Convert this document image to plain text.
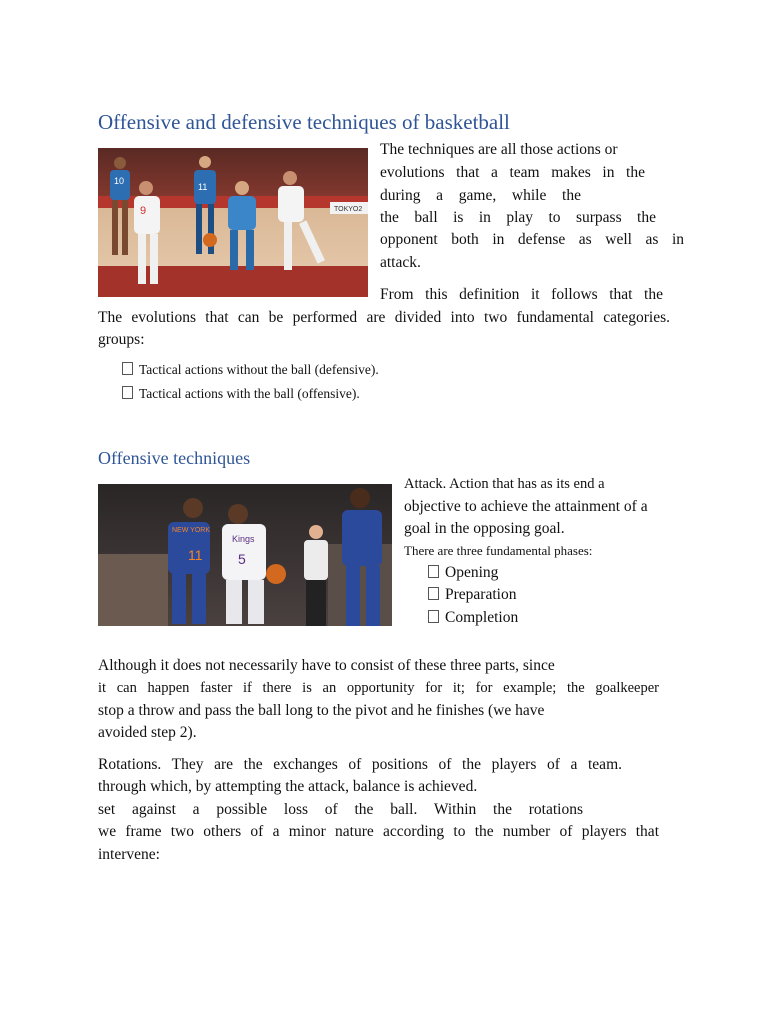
Offensive and defensive techniques of basketball
TOKYO2
10
9
11
The techniques are all those actions or
evolutions that a team makes in the
during a game, while the
the ball is in play to surpass the
opponent both in defense as well as in
attack.
From this definition it follows that the
The evolutions that can be performed are divided into two fundamental categories.
groups:
Tactical actions without the ball (defensive).
Tactical actions with the ball (offensive).
Offensive techniques
NEW YORK
11
Kings
5
Attack. Action that has as its end a
objective to achieve the attainment of a
goal in the opposing goal.
There are three fundamental phases:
Opening
Preparation
Completion
Although it does not necessarily have to consist of these three parts, since
it can happen faster if there is an opportunity for it; for example; the goalkeeper
stop a throw and pass the ball long to the pivot and he finishes (we have
avoided step 2).
Rotations. They are the exchanges of positions of the players of a team.
through which, by attempting the attack, balance is achieved.
set against a possible loss of the ball. Within the rotations
we frame two others of a minor nature according to the number of players that
intervene:
